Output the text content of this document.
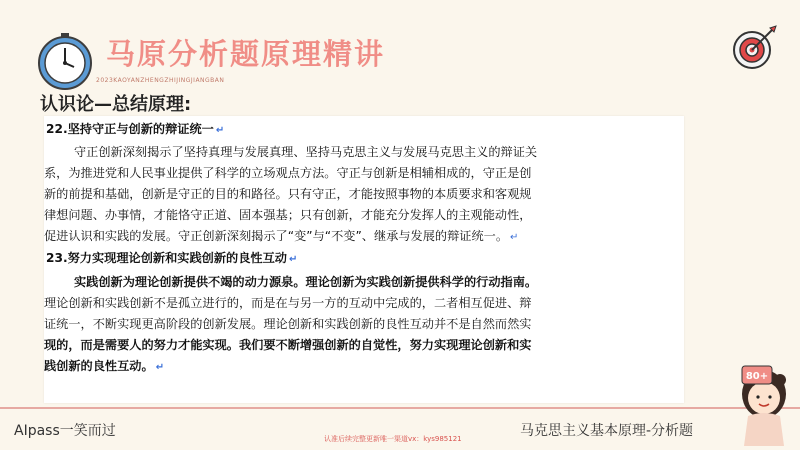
马原分析题原理精讲
2023KAOYANZHENGZHIJINGJIANGBAN
认识论—总结原理:
22.坚持守正与创新的辩证统一 ↵
守正创新深刻揭示了坚持真理与发展真理、坚持马克思主义与发展马克思主义的辩证关
系，为推进党和人民事业提供了科学的立场观点方法。守正与创新是相辅相成的，守正是创
新的前提和基础，创新是守正的目的和路径。只有守正，才能按照事物的本质要求和客观规
律想问题、办事情，才能恪守正道、固本强基；只有创新，才能充分发挥人的主观能动性，
促进认识和实践的发展。守正创新深刻揭示了“变”与“不变”、继承与发展的辩证统一。 ↵
23.努力实现理论创新和实践创新的良性互动 ↵
实践创新为理论创新提供不竭的动力源泉。理论创新为实践创新提供科学的行动指南。
理论创新和实践创新不是孤立进行的，而是在与另一方的互动中完成的，二者相互促进、辩
证统一，不断实现更高阶段的创新发展。理论创新和实践创新的良性互动并不是自然而然实
现的，而是需要人的努力才能实现。我们要不断增强创新的自觉性，努力实现理论创新和实
践创新的良性互动。 ↵
AIpass一笑而过	认准后续完整更新唯一渠道vx：kys985121	马克思主义基本原理-分析题
80+
